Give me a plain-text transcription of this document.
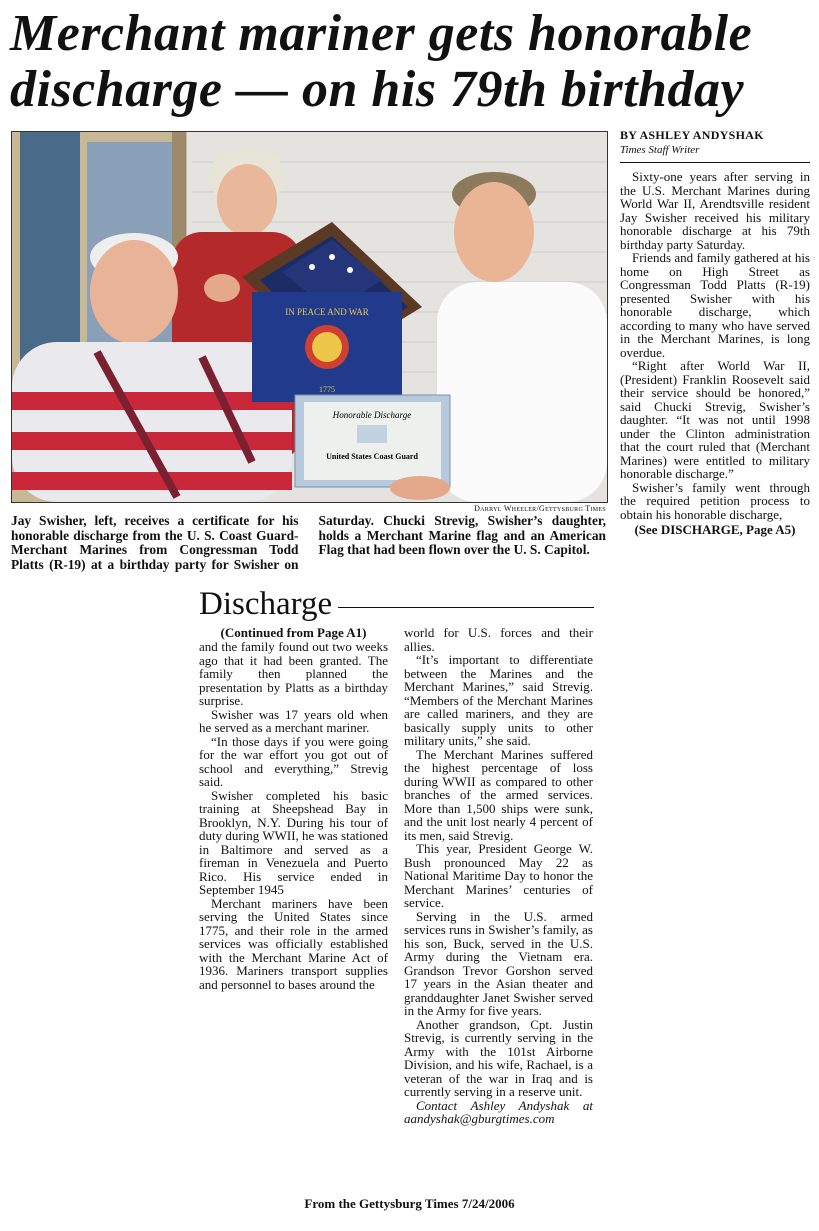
Merchant mariner gets honorable discharge — on his 79th birthday
IN PEACE AND WAR
1775
Honorable Discharge
United States Coast Guard
Darryl Wheeler/Gettysburg Times
Jay Swisher, left, receives a certificate for his honorable discharge from the U. S. Coast Guard-Merchant Marines from Congressman Todd Platts (R-19) at a birthday party for Swisher on Saturday. Chucki Strevig, Swisher’s daughter, holds a Merchant Marine flag and an American Flag that had been flown over the U. S. Capitol.
BY ASHLEY ANDYSHAK
Times Staff Writer

Sixty-one years after serving in the U.S. Merchant Marines during World War II, Arendtsville resident Jay Swisher received his military honorable discharge at his 79th birthday party Saturday.

Friends and family gathered at his home on High Street as Congressman Todd Platts (R-19) presented Swisher with his honorable discharge, which according to many who have served in the Merchant Marines, is long overdue.

“Right after World War II, (President) Franklin Roosevelt said their service should be honored,” said Chucki Strevig, Swisher’s daughter. “It was not until 1998 under the Clinton administration that the court ruled that (Merchant Marines) were entitled to military honorable discharge.”

Swisher’s family went through the required petition process to obtain his honorable discharge,

(See DISCHARGE, Page A5)
Discharge
(Continued from Page A1)

and the family found out two weeks ago that it had been granted. The family then planned the presentation by Platts as a birthday surprise.

Swisher was 17 years old when he served as a merchant mariner.

“In those days if you were going for the war effort you got out of school and everything,” Strevig said.

Swisher completed his basic training at Sheepshead Bay in Brooklyn, N.Y. During his tour of duty during WWII, he was stationed in Baltimore and served as a fireman in Venezuela and Puerto Rico. His service ended in September 1945

Merchant mariners have been serving the United States since 1775, and their role in the armed services was officially established with the Merchant Marine Act of 1936. Mariners transport supplies and personnel to bases around the

world for U.S. forces and their allies.

“It’s important to differentiate between the Marines and the Merchant Marines,” said Strevig. “Members of the Merchant Marines are called mariners, and they are basically supply units to other military units,” she said.

The Merchant Marines suffered the highest percentage of loss during WWII as compared to other branches of the armed services. More than 1,500 ships were sunk, and the unit lost nearly 4 percent of its men, said Strevig.

This year, President George W. Bush pronounced May 22 as National Maritime Day to honor the Merchant Marines’ centuries of service.

Serving in the U.S. armed services runs in Swisher’s family, as his son, Buck, served in the U.S. Army during the Vietnam era. Grandson Trevor Gorshon served 17 years in the Asian theater and granddaughter Janet Swisher served in the Army for five years.

Another grandson, Cpt. Justin Strevig, is currently serving in the Army with the 101st Airborne Division, and his wife, Rachael, is a veteran of the war in Iraq and is currently serving in a reserve unit.

Contact Ashley Andyshak at aandyshak@gburgtimes.com

From the Gettysburg Times 7/24/2006
